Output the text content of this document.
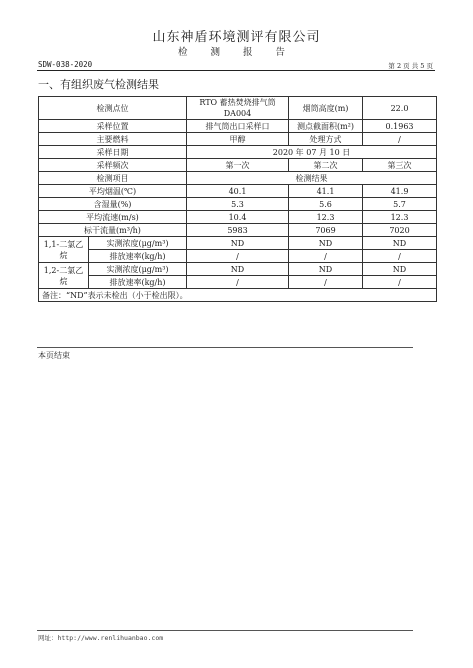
山东神盾环境测评有限公司
检 测 报 告
SDW-038-2020	第 2 页 共 5 页
一、有组织废气检测结果
检测点位		RTO 蓄热焚烧排气筒 DA004	烟筒高度(m)	22.0
采样位置		排气筒出口采样口	测点截面积(m²)	0.1963
主要燃料		甲醇	处理方式	/
采样日期		2020 年 07 月 10 日		
采样频次		第一次	第二次	第三次
检测项目		检测结果		
平均烟温(℃)		40.1	41.1	41.9
含湿量(%)		5.3	5.6	5.7
平均流速(m/s)		10.4	12.3	12.3
标干流量(m³/h)		5983	7069	7020
1,1-二氯乙烷	实测浓度(μg/m³)	ND	ND	ND
	排放速率(kg/h)	/	/	/
1,2-二氯乙烷	实测浓度(μg/m³)	ND	ND	ND
	排放速率(kg/h)	/	/	/
备注：“ND”表示未检出（小于检出限）。				
本页结束
网址：http://www.renlihuanbao.com
